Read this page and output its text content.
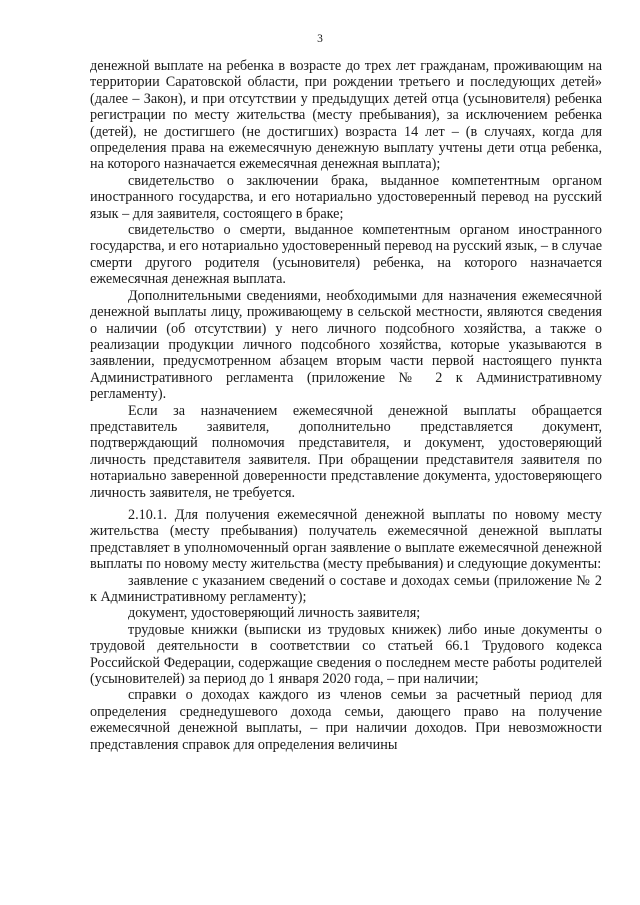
3

денежной выплате на ребенка в возрасте до трех лет гражданам, проживающим на территории Саратовской области, при рождении третьего и последующих детей» (далее – Закон), и при отсутствии у предыдущих детей отца (усыновителя) ребенка регистрации по месту жительства (месту пребывания), за исключением ребенка (детей), не достигшего (не достигших) возраста 14 лет – (в случаях, когда для определения права на ежемесячную денежную выплату учтены дети отца ребенка, на которого назначается ежемесячная денежная выплата);

свидетельство о заключении брака, выданное компетентным органом иностранного государства, и его нотариально удостоверенный перевод на русский язык – для заявителя, состоящего в браке;

свидетельство о смерти, выданное компетентным органом иностранного государства, и его нотариально удостоверенный перевод на русский язык, – в случае смерти другого родителя (усыновителя) ребенка, на которого назначается ежемесячная денежная выплата.

Дополнительными сведениями, необходимыми для назначения ежемесячной денежной выплаты лицу, проживающему в сельской местности, являются сведения о наличии (об отсутствии) у него личного подсобного хозяйства, а также о реализации продукции личного подсобного хозяйства, которые указываются в заявлении, предусмотренном абзацем вторым части первой настоящего пункта Административного регламента (приложение № 2 к Административному регламенту).

Если за назначением ежемесячной денежной выплаты обращается представитель заявителя, дополнительно представляется документ, подтверждающий полномочия представителя, и документ, удостоверяющий личность представителя заявителя. При обращении представителя заявителя по нотариально заверенной доверенности представление документа, удостоверяющего личность заявителя, не требуется.

2.10.1. Для получения ежемесячной денежной выплаты по новому месту жительства (месту пребывания) получатель ежемесячной денежной выплаты представляет в уполномоченный орган заявление о выплате ежемесячной денежной выплаты по новому месту жительства (месту пребывания) и следующие документы:

заявление с указанием сведений о составе и доходах семьи (приложение № 2 к Административному регламенту);

документ, удостоверяющий личность заявителя;

трудовые книжки (выписки из трудовых книжек) либо иные документы о трудовой деятельности в соответствии со статьей 66.1 Трудового кодекса Российской Федерации, содержащие сведения о последнем месте работы родителей (усыновителей) за период до 1 января 2020 года, – при наличии;

справки о доходах каждого из членов семьи за расчетный период для определения среднедушевого дохода семьи, дающего право на получение ежемесячной денежной выплаты, – при наличии доходов. При невозможности представления справок для определения величины
